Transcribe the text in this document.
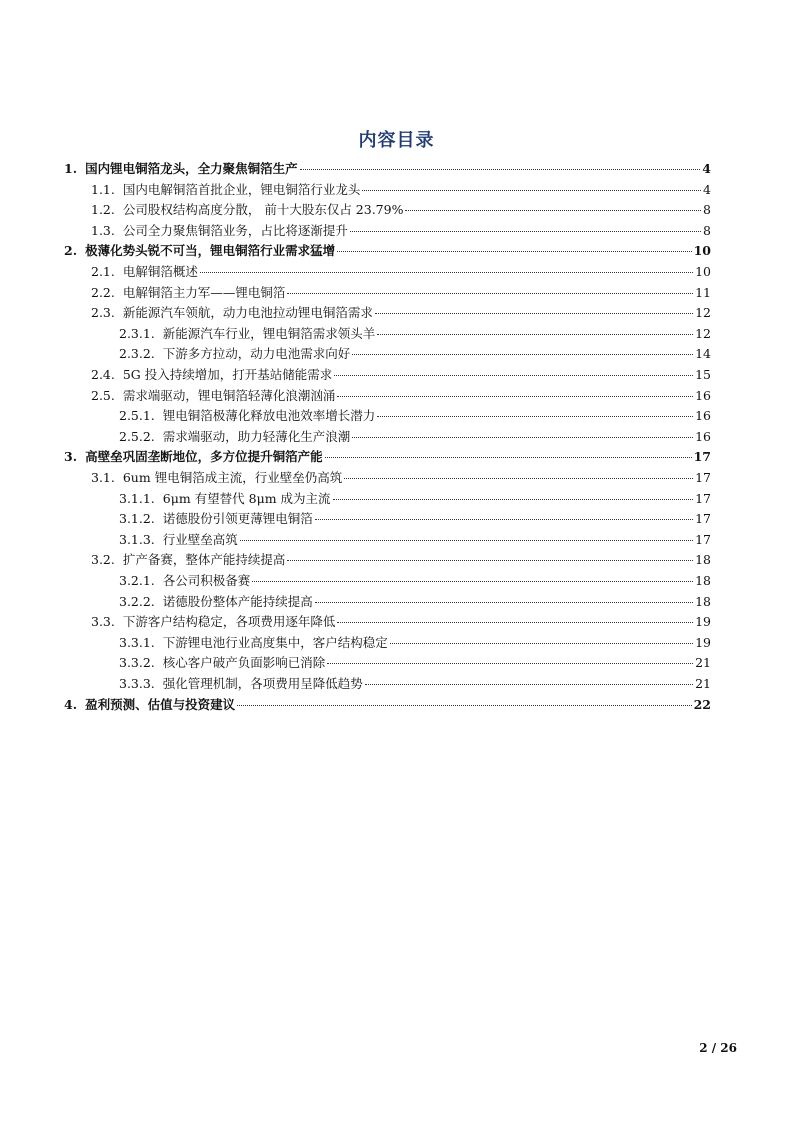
内容目录
1. 国内锂电铜箔龙头，全力聚焦铜箔生产	4
1.1. 国内电解铜箔首批企业，锂电铜箔行业龙头	4
1.2. 公司股权结构高度分散， 前十大股东仅占 23.79%	8
1.3. 公司全力聚焦铜箔业务，占比将逐渐提升	8
2. 极薄化势头锐不可当，锂电铜箔行业需求猛增	10
2.1. 电解铜箔概述	10
2.2. 电解铜箔主力军——锂电铜箔	11
2.3. 新能源汽车领航，动力电池拉动锂电铜箔需求	12
2.3.1. 新能源汽车行业，锂电铜箔需求领头羊	12
2.3.2. 下游多方拉动，动力电池需求向好	14
2.4. 5G 投入持续增加，打开基站储能需求	15
2.5. 需求端驱动，锂电铜箔轻薄化浪潮汹涌	16
2.5.1. 锂电铜箔极薄化释放电池效率增长潜力	16
2.5.2. 需求端驱动，助力轻薄化生产浪潮	16
3. 高壁垒巩固垄断地位，多方位提升铜箔产能	17
3.1. 6um 锂电铜箔成主流，行业壁垒仍高筑	17
3.1.1. 6μm 有望替代 8μm 成为主流	17
3.1.2. 诺德股份引领更薄锂电铜箔	17
3.1.3. 行业壁垒高筑	17
3.2. 扩产备赛，整体产能持续提高	18
3.2.1. 各公司积极备赛	18
3.2.2. 诺德股份整体产能持续提高	18
3.3. 下游客户结构稳定，各项费用逐年降低	19
3.3.1. 下游锂电池行业高度集中，客户结构稳定	19
3.3.2. 核心客户破产负面影响已消除	21
3.3.3. 强化管理机制，各项费用呈降低趋势	21
4. 盈利预测、估值与投资建议	22
2 / 26
